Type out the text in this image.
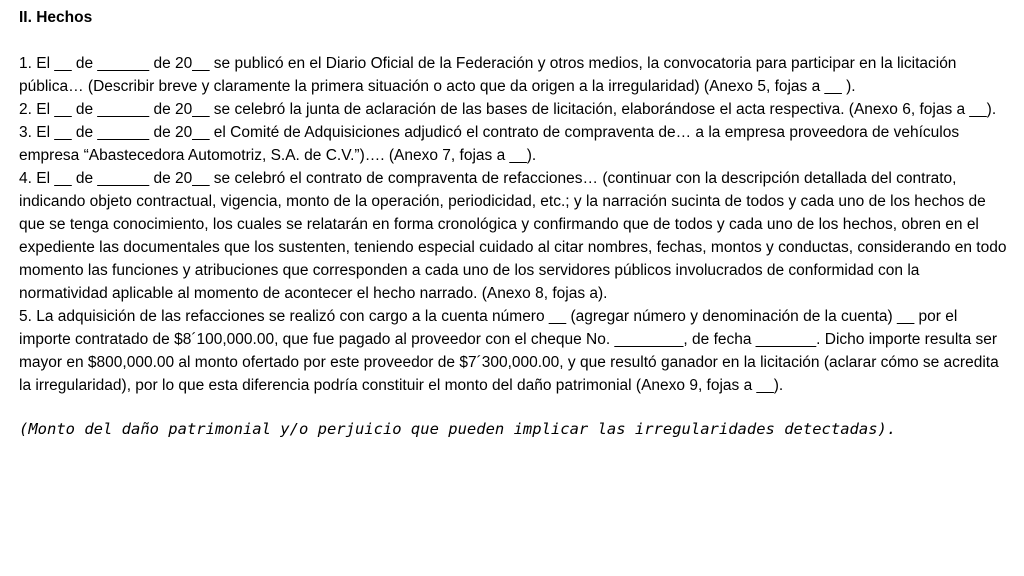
II. Hechos

1. El __ de ______ de 20__ se publicó en el Diario Oficial de la Federación y otros medios, la convocatoria para participar en la licitación pública… (Describir breve y claramente la primera situación o acto que da origen a la irregularidad) (Anexo 5, fojas a __ ).

2. El __ de ______ de 20__ se celebró la junta de aclaración de las bases de licitación, elaborándose el acta respectiva. (Anexo 6, fojas a __).

3. El __ de ______ de 20__ el Comité de Adquisiciones adjudicó el contrato de compraventa de… a la empresa proveedora de vehículos empresa “Abastecedora Automotriz, S.A. de C.V.”)…. (Anexo 7, fojas a __).

4. El __ de ______ de 20__ se celebró el contrato de compraventa de refacciones… (continuar con la descripción detallada del contrato, indicando objeto contractual, vigencia, monto de la operación, periodicidad, etc.; y la narración sucinta de todos y cada uno de los hechos de que se tenga conocimiento, los cuales se relatarán en forma cronológica y confirmando que de todos y cada uno de los hechos, obren en el expediente las documentales que los sustenten, teniendo especial cuidado al citar nombres, fechas, montos y conductas, considerando en todo momento las funciones y atribuciones que corresponden a cada uno de los servidores públicos involucrados de conformidad con la normatividad aplicable al momento de acontecer el hecho narrado. (Anexo 8, fojas a).

5. La adquisición de las refacciones se realizó con cargo a la cuenta número __ (agregar número y denominación de la cuenta) __ por el importe contratado de $8´100,000.00, que fue pagado al proveedor con el cheque No. ________, de fecha _______. Dicho importe resulta ser mayor en $800,000.00 al monto ofertado por este proveedor de $7´300,000.00, y que resultó ganador en la licitación (aclarar cómo se acredita la irregularidad), por lo que esta diferencia podría constituir el monto del daño patrimonial (Anexo 9, fojas a __).

(Monto del daño patrimonial y/o perjuicio que pueden implicar las irregularidades detectadas).
